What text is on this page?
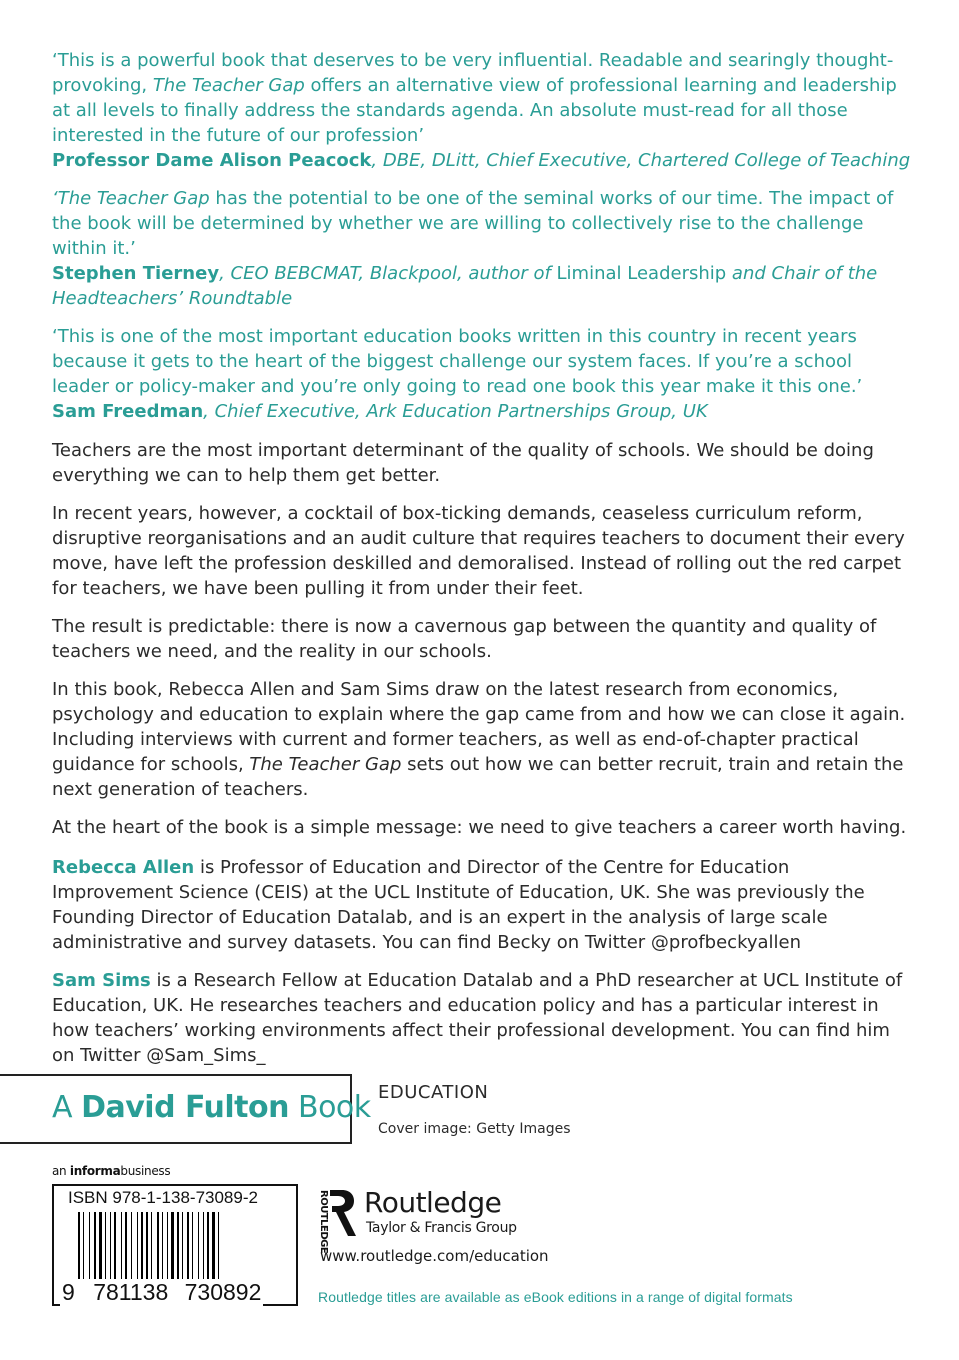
‘This is a powerful book that deserves to be very influential. Readable and searingly thought-provoking, The Teacher Gap offers an alternative view of professional learning and leadership at all levels to finally address the standards agenda. An absolute must-read for all those interested in the future of our profession’
Professor Dame Alison Peacock, DBE, DLitt, Chief Executive, Chartered College of Teaching

‘The Teacher Gap has the potential to be one of the seminal works of our time. The impact of the book will be determined by whether we are willing to collectively rise to the challenge within it.’
Stephen Tierney, CEO BEBCMAT, Blackpool, author of Liminal Leadership and Chair of the Headteachers’ Roundtable

‘This is one of the most important education books written in this country in recent years because it gets to the heart of the biggest challenge our system faces. If you’re a school leader or policy-maker and you’re only going to read one book this year make it this one.’
Sam Freedman, Chief Executive, Ark Education Partnerships Group, UK

Teachers are the most important determinant of the quality of schools. We should be doing everything we can to help them get better.

In recent years, however, a cocktail of box-ticking demands, ceaseless curriculum reform, disruptive reorganisations and an audit culture that requires teachers to document their every move, have left the profession deskilled and demoralised. Instead of rolling out the red carpet for teachers, we have been pulling it from under their feet.

The result is predictable: there is now a cavernous gap between the quantity and quality of teachers we need, and the reality in our schools.

In this book, Rebecca Allen and Sam Sims draw on the latest research from economics, psychology and education to explain where the gap came from and how we can close it again. Including interviews with current and former teachers, as well as end-of-chapter practical guidance for schools, The Teacher Gap sets out how we can better recruit, train and retain the next generation of teachers.

At the heart of the book is a simple message: we need to give teachers a career worth having.

Rebecca Allen is Professor of Education and Director of the Centre for Education Improvement Science (CEIS) at the UCL Institute of Education, UK. She was previously the Founding Director of Education Datalab, and is an expert in the analysis of large scale administrative and survey datasets. You can find Becky on Twitter @profbeckyallen

Sam Sims is a Research Fellow at Education Datalab and a PhD researcher at UCL Institute of Education, UK. He researches teachers and education policy and has a particular interest in how teachers’ working environments affect their professional development. You can find him on Twitter @Sam_Sims_

A David Fulton Book EDUCATION
Cover image: Getty Images
an informabusiness
ISBN 978-1-138-73089-2
9 781138 730892
ROUTLEDGE Routledge
Taylor & Francis Group
www.routledge.com/education
Routledge titles are available as eBook editions in a range of digital formats
